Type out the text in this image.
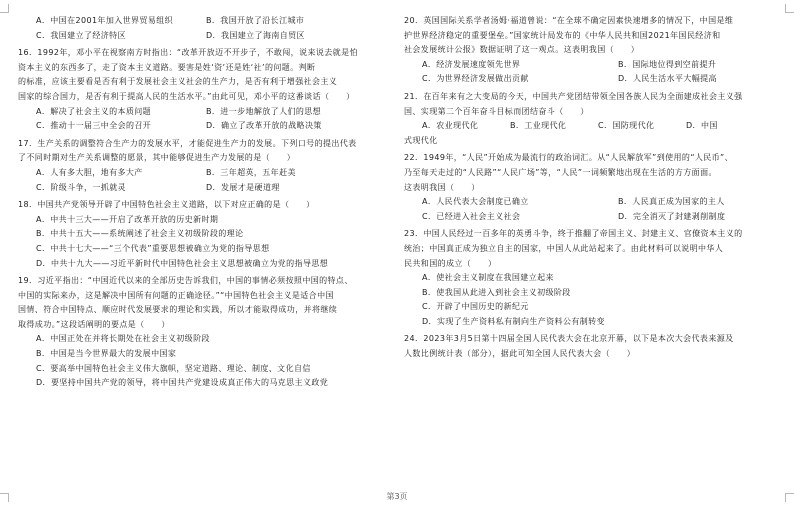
A．中国在2001年加入世界贸易组织	B．我国开放了沿长江城市
C．我国建立了经济特区	D．我国建立了海南自贸区
16．1992年，邓小平在视察南方时指出：“改革开放迈不开步子，不敢闯，说来说去就是怕
资本主义的东西多了，走了资本主义道路。要害是姓‘资’还是姓‘社’的问题。判断
的标准，应该主要看是否有利于发展社会主义社会的生产力，是否有利于增强社会主义
国家的综合国力，是否有利于提高人民的生活水平。”由此可见，邓小平的这番谈话（　　）
A．解决了社会主义的本质问题	B．进一步地解放了人们的思想
C．推动十一届三中全会的召开	D．确立了改革开放的战略决策
17．生产关系的调整符合生产力的发展水平，才能促进生产力的发展。下列口号的提出代表
了不同时期对生产关系调整的愿景，其中能够促进生产力发展的是（　　）
A．人有多大胆，地有多大产	B．三年超英，五年赶美
C．阶级斗争，一抓就灵	D．发展才是硬道理
18．中国共产党领导开辟了中国特色社会主义道路，以下对应正确的是（　　）
A．中共十三大——开启了改革开放的历史新时期
B．中共十五大——系统阐述了社会主义初级阶段的理论
C．中共十七大——“三个代表”重要思想被确立为党的指导思想
D．中共十九大——习近平新时代中国特色社会主义思想被确立为党的指导思想
19．习近平指出：“中国近代以来的全部历史告诉我们，中国的事情必须按照中国的特点、
中国的实际来办，这是解决中国所有问题的正确途径。”“中国特色社会主义是适合中国
国情、符合中国特点、顺应时代发展要求的理论和实践，所以才能取得成功，并将继续
取得成功。”这段话阐明的要点是（　　）
A．中国正处在并将长期处在社会主义初级阶段
B．中国是当今世界最大的发展中国家
C．要高举中国特色社会主义伟大旗帜，坚定道路、理论、制度、文化自信
D．要坚持中国共产党的领导，将中国共产党建设成真正伟大的马克思主义政党
20．英国国际关系学者汤姆·福道曾说：“在全球不确定因素快速增多的情况下，中国是维
护世界经济稳定的重要堡垒。”国家统计局发布的《中华人民共和国2021年国民经济和
社会发展统计公报》数据证明了这一观点。这表明我国（　　）
A．经济发展速度领先世界	B．国际地位得到空前提升
C．为世界经济发展做出贡献	D．人民生活水平大幅提高
21．在百年来有之大变局的今天，中国共产党团结带领全国各族人民为全面建成社会主义强
国、实现第二个百年奋斗目标而团结奋斗（　　）
A．农业现代化	B．工业现代化	C．国防现代化	D．中国
式现代化
22．1949年，“人民”开始成为最流行的政治词汇。从“人民解放军”到使用的“人民币”、
乃至每天走过的“人民路”“人民广场”等，“人民”一词频繁地出现在生活的方方面面。
这表明我国（　　）
A．人民代表大会制度已确立	B．人民真正成为国家的主人
C．已经进入社会主义社会	D．完全消灭了封建剥削制度
23．中国人民经过一百多年的英勇斗争，终于推翻了帝国主义、封建主义、官僚资本主义的
统治；中国真正成为独立自主的国家，中国人从此站起来了。由此材料可以说明中华人
民共和国的成立（　　）
A．使社会主义制度在我国建立起来
B．使我国从此进入到社会主义初级阶段
C．开辟了中国历史的新纪元
D．实现了生产资料私有制向生产资料公有制转变
24．2023年3月5日第十四届全国人民代表大会在北京开幕，以下是本次大会代表来源及
人数比例统计表（部分），据此可知全国人民代表大会（　　）
第3页
